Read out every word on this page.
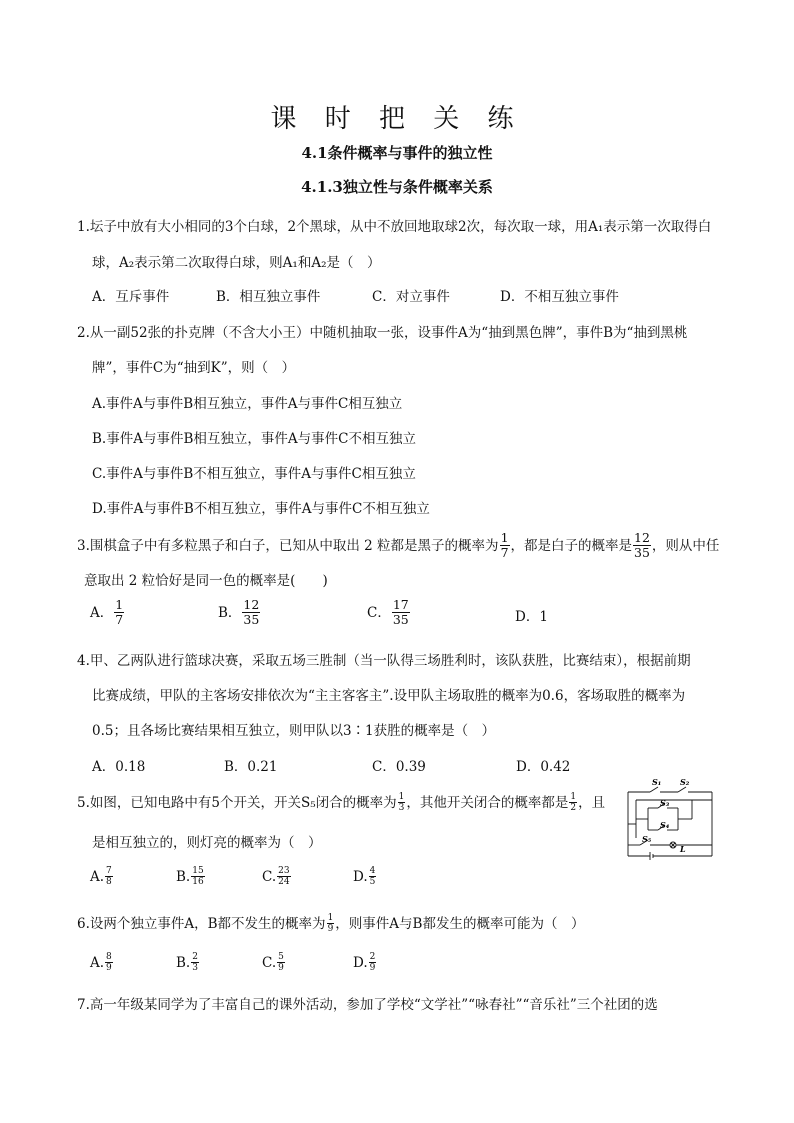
课 时 把 关 练
4.1条件概率与事件的独立性
4.1.3独立性与条件概率关系
1.坛子中放有大小相同的3个白球，2个黑球，从中不放回地取球2次，每次取一球，用A₁表示第一次取得白
球，A₂表示第二次取得白球，则A₁和A₂是（　）
A．互斥事件	B．相互独立事件	C．对立事件	D．不相互独立事件
2.从一副52张的扑克牌（不含大小王）中随机抽取一张，设事件A为“抽到黑色牌”，事件B为“抽到黑桃
牌”，事件C为“抽到K”，则（　）
A.事件A与事件B相互独立，事件A与事件C相互独立
B.事件A与事件B相互独立，事件A与事件C不相互独立
C.事件A与事件B不相互独立，事件A与事件C相互独立
D.事件A与事件B不相互独立，事件A与事件C不相互独立
3.围棋盒子中有多粒黑子和白子，已知从中取出 2 粒都是黑子的概率为 $\frac{1}{7}$ ，都是白子的概率是 $\frac{12}{35}$ ，则从中任
意取出 2 粒恰好是同一色的概率是(　　)
A． $\frac{1}{7}$	B． $\frac{12}{35}$	C． $\frac{17}{35}$	D．1
4.甲、乙两队进行篮球决赛，采取五场三胜制（当一队得三场胜利时，该队获胜，比赛结束），根据前期
比赛成绩，甲队的主客场安排依次为“主主客客主”.设甲队主场取胜的概率为0.6，客场取胜的概率为
0.5；且各场比赛结果相互独立，则甲队以3∶1获胜的概率是（　）
A．0.18	B．0.21	C．0.39	D．0.42
5.如图，已知电路中有5个开关，开关S₅闭合的概率为 $\frac{1}{3}$ ，其他开关闭合的概率都是 $\frac{1}{2}$ ，且
是相互独立的，则灯亮的概率为（　）
A. $\frac{7}{8}$	B. $\frac{15}{16}$	C. $\frac{23}{24}$	D. $\frac{4}{5}$
S₁ S₂
S₃
S₄
S₅
L
6.设两个独立事件A，B都不发生的概率为 $\frac{1}{9}$ ，则事件A与B都发生的概率可能为（　）
A. $\frac{8}{9}$	B. $\frac{2}{3}$	C. $\frac{5}{9}$	D. $\frac{2}{9}$
7.高一年级某同学为了丰富自己的课外活动，参加了学校“文学社”“咏春社”“音乐社”三个社团的选
